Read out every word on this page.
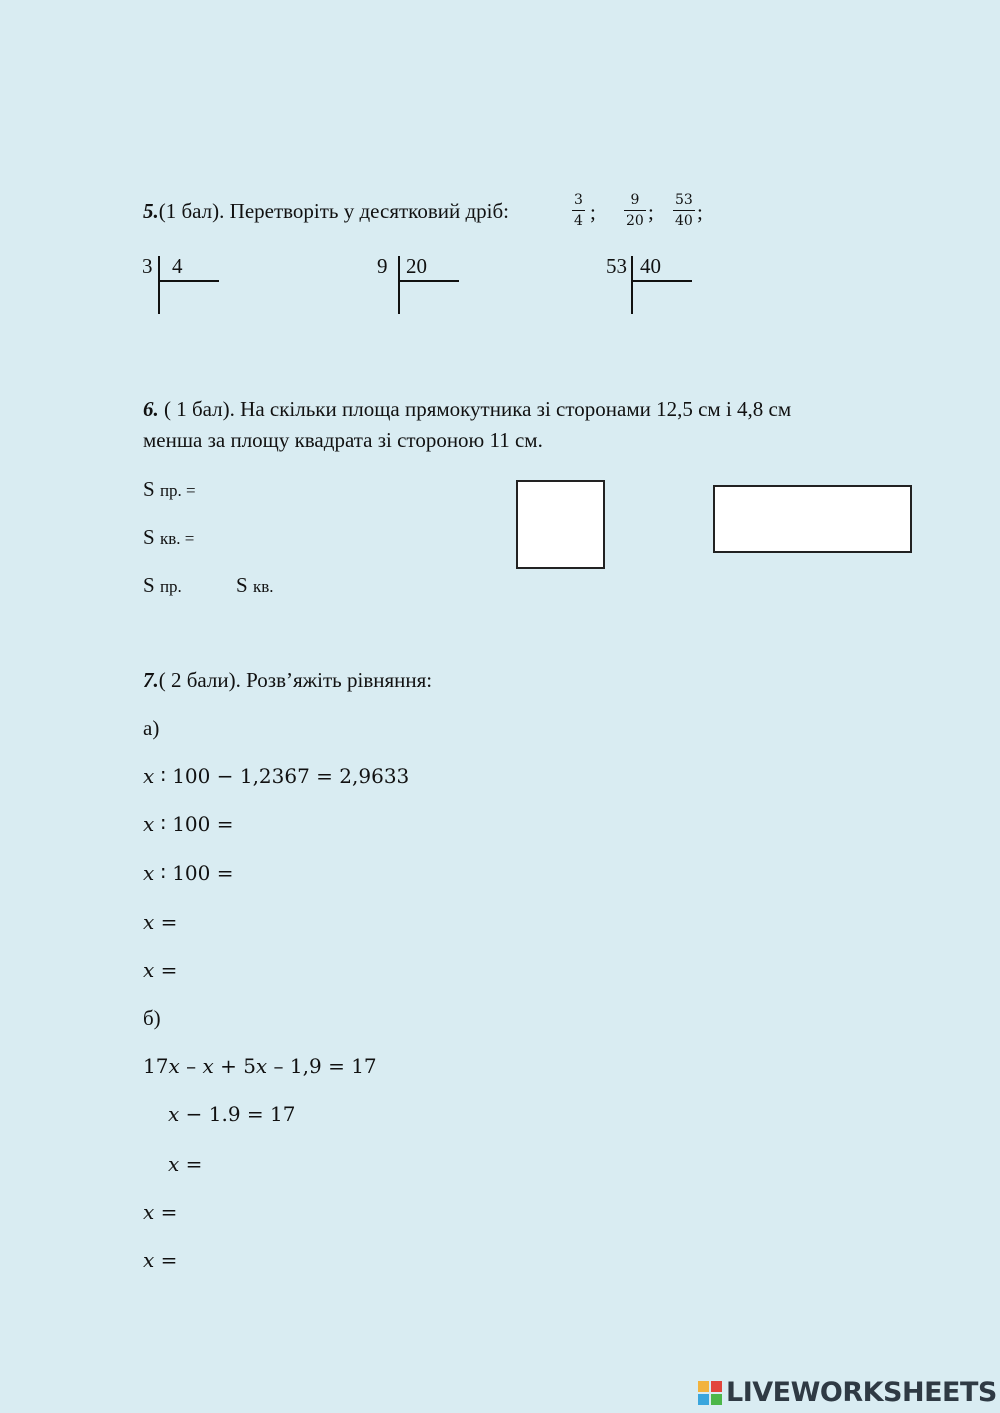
5.(1 бал). Перетворіть у десятковий дріб:	3
4 ; 9
20 ; 53
40 ;
3 4	9 20	53 40
6. ( 1 бал). На скільки площа прямокутника зі сторонами 12,5 см і 4,8 см
менша за площу квадрата зі стороною 11 см.
S пр. =
S кв. =
S пр.	S кв.
7.( 2 бали). Розв’яжіть рівняння:
а)
𝑥 ∶ 100 − 1,2367 = 2,9633
𝑥 ∶ 100 =
𝑥 ∶ 100 =
𝑥 =
𝑥 =
б)
17𝑥 – 𝑥 + 5𝑥 – 1,9 = 17
𝑥 − 1.9 = 17
𝑥 =
𝑥 =
𝑥 =
LIVEWORKSHEETS
